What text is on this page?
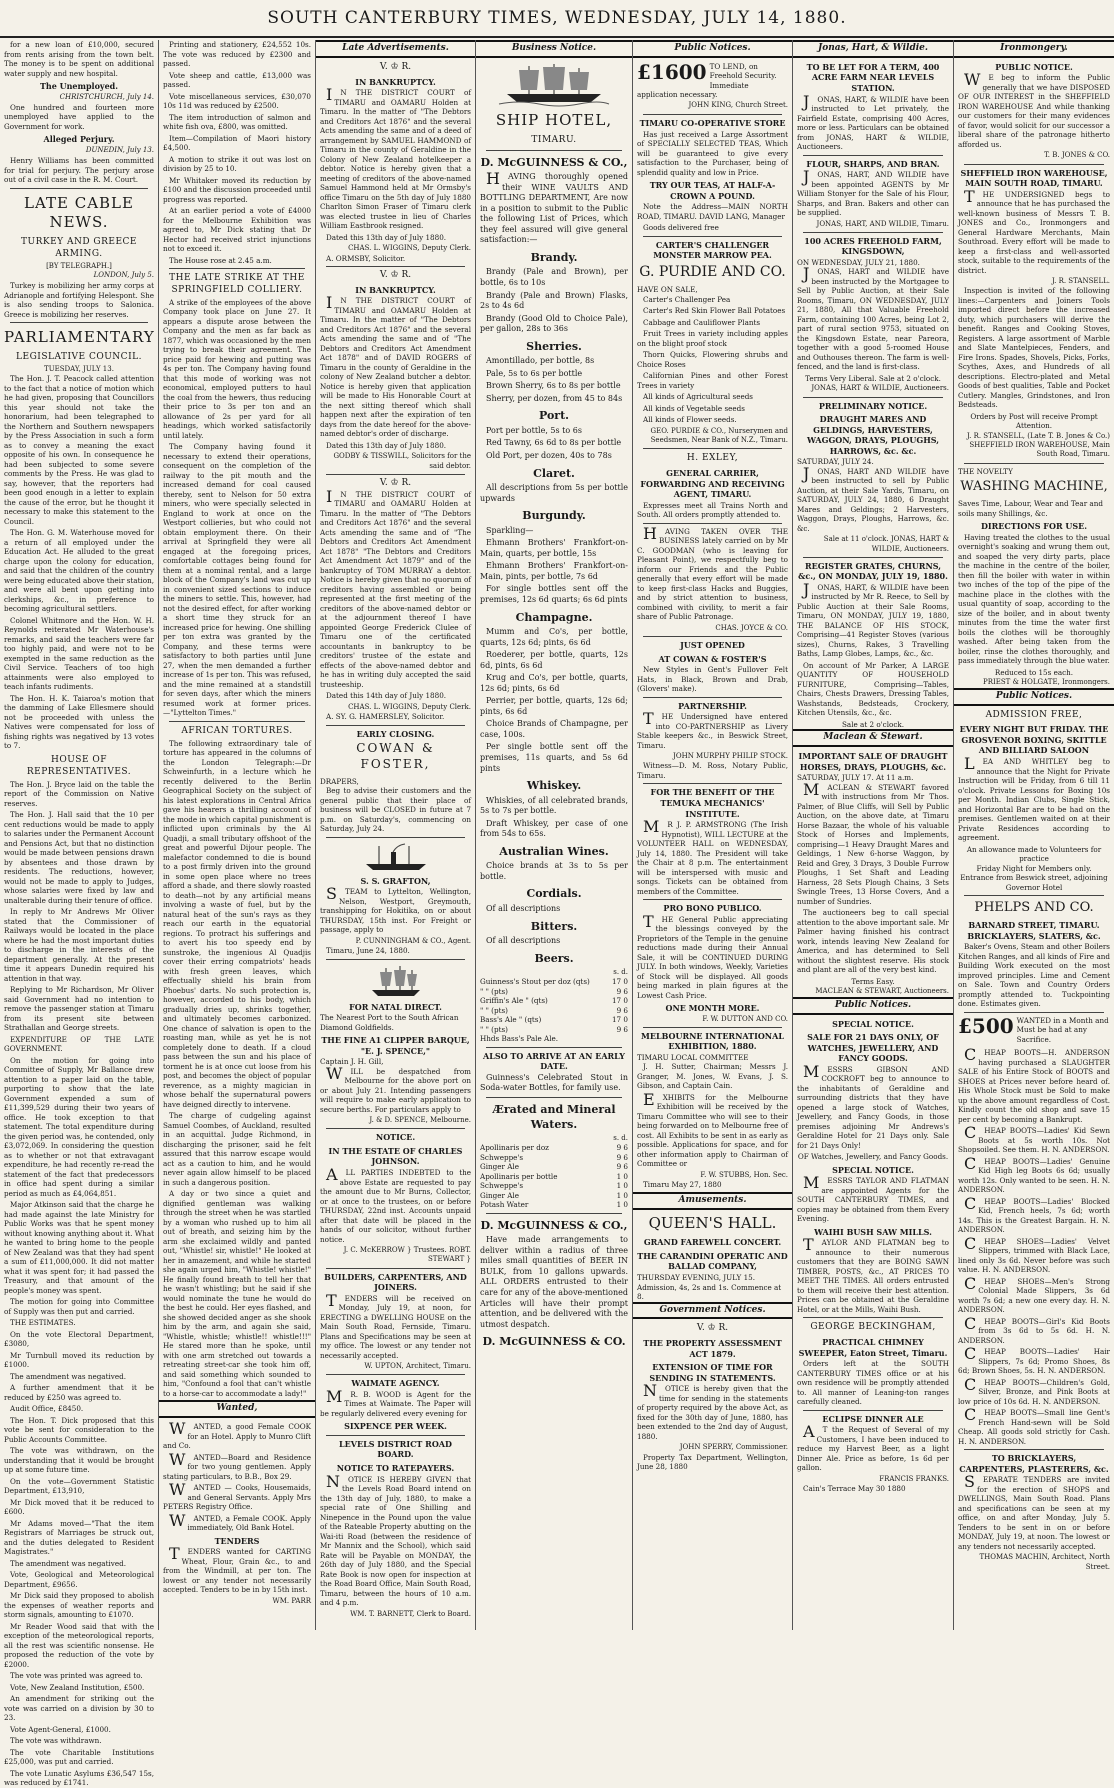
SOUTH CANTERBURY TIMES, WEDNESDAY, JULY 14, 1880.

for a new loan of £10,000, secured from rents arising from the town belt. The money is to be spent on additional water supply and new hospital.

The Unemployed.
CHRISTCHURCH, July 14.

One hundred and fourteen more unemployed have applied to the Government for work.

Alleged Perjury.
DUNEDIN, July 13.

Henry Williams has been committed for trial for perjury. The perjury arose out of a civil case in the R. M. Court.

LATE CABLE NEWS.
TURKEY AND GREECE ARMING.
[BY TELEGRAPH.]
LONDON, July 5.

Turkey is mobilizing her army corps at Adrianople and fortifying Helespont. She is also sending troops to Salonica. Greece is mobilizing her reserves.

PARLIAMENTARY
LEGISLATIVE COUNCIL.
TUESDAY, JULY 13.

The Hon. J. T. Peacock called attention to the fact that a notice of motion which he had given, proposing that Councillors this year should not take the honorarium, had been telegraphed to the Northern and Southern newspapers by the Press Association in such a form as to convey a meaning the exact opposite of his own. In consequence he had been subjected to some severe comments by the Press. He was glad to say, however, that the reporters had been good enough in a letter to explain the cause of the error, but he thought it necessary to make this statement to the Council.

The Hon. G. M. Waterhouse moved for a return of all employed under the Education Act. He alluded to the great charge upon the colony for education, and said that the children of the country were being educated above their station, and were all bent upon getting into clerkships, &c., in preference to becoming agricultural settlers.

Colonel Whitmore and the Hon. W. H. Reynolds reiterated Mr Waterhouse's remarks, and said the teachers were far too highly paid, and were not to be exempted in the same reduction as the Civil Service. Teachers of too high attainments were also employed to teach infants rudiments.

The Hon. H. K. Taiaroa's motion that the damming of Lake Ellesmere should not be proceeded with unless the Natives were compensated for loss of fishing rights was negatived by 13 votes to 7.

HOUSE OF REPRESENTATIVES.

The Hon. J. Bryce laid on the table the report of the Commission on Native reserves.

The Hon. J. Hall said that the 10 per cent reductions would be made to apply to salaries under the Permanent Account and Pensions Act, but that no distinction would be made between pensions drawn by absentees and those drawn by residents. The reductions, however, would not be made to apply to Judges, whose salaries were fixed by law and unalterable during their tenure of office.

In reply to Mr Andrews Mr Oliver stated that the Commissioner of Railways would be located in the place where he had the most important duties to discharge in the interests of the department generally. At the present time it appears Dunedin required his attention in that way.

Replying to Mr Richardson, Mr Oliver said Government had no intention to remove the passenger station at Timaru from its present site between Strathallan and George streets.

EXPENDITURE OF THE LATE GOVERNMENT.

On the motion for going into Committee of Supply, Mr Ballance drew attention to a paper laid on the table, purporting to show that the late Government expended a sum of £11,399,529 during their two years of office. He took exception to that statement. The total expenditure during the given period was, he contended, only £3,072,069. In considering the question as to whether or not that extravagant expenditure, he had recently re-read the statement of the fact that predecessors in office had spent during a similar period as much as £4,064,851.

Major Atkinson said that the charge he had made against the late Ministry for Public Works was that he spent money without knowing anything about it. What he wanted to bring home to the people of New Zealand was that they had spent a sum of £11,000,000. It did not matter what it was spent for; it had passed the Treasury, and that amount of the people's money was spent.

The motion for going into Committee of Supply was then put and carried.

THE ESTIMATES.

On the vote Electoral Department, £3080,

Mr Turnbull moved its reduction by £1000.

The amendment was negatived.

A further amendment that it be reduced by £250 was agreed to.

Audit Office, £8450.

The Hon. T. Dick proposed that this vote be sent for consideration to the Public Accounts Committee.

The vote was withdrawn, on the understanding that it would be brought up at some future time.

On the vote—Government Statistic Department, £13,910,

Mr Dick moved that it be reduced to £600.

Mr Adams moved—"That the item Registrars of Marriages be struck out, and the duties delegated to Resident Magistrates."

The amendment was negatived.

Vote, Geological and Meteorological Department, £9656.

Mr Dick said they proposed to abolish the expenses of weather reports and storm signals, amounting to £1070.

Mr Reader Wood said that with the exception of the meteorological reports, all the rest was scientific nonsense. He proposed the reduction of the vote by £2000.

The vote was printed was agreed to.

Vote, New Zealand Institution, £500.

An amendment for striking out the vote was carried on a division by 30 to 23.

Vote Agent-General, £1000.

The vote was withdrawn.

The vote Charitable Institutions £25,000, was put and carried.

The vote Lunatic Asylums £36,547 15s, was reduced by £1741.

Printing and stationery, £24,552 10s. The vote was reduced by £2300 and passed.

Vote sheep and cattle, £13,000 was passed.

Vote miscellaneous services, £30,070 10s 11d was reduced by £2500.

The item introduction of salmon and white fish ova, £800, was omitted.

Item—Compilation of Maori history £4,500.

A motion to strike it out was lost on division by 25 to 10.

Mr Whitaker moved its reduction by £100 and the discussion proceeded until progress was reported.

At an earlier period a vote of £4000 for the Melbourne Exhibition was agreed to, Mr Dick stating that Dr Hector had received strict injunctions not to exceed it.

The House rose at 2.45 a.m.

THE LATE STRIKE AT THE SPRINGFIELD COLLIERY.

A strike of the employees of the above Company took place on June 27. It appears a dispute arose between the Company and the men as far back as 1877, which was occasioned by the men trying to break their agreement. The price paid for hewing and putting was 4s per ton. The Company having found that this mode of working was not economical, employed putters to haul the coal from the hewers, thus reducing their price to 3s per ton and an allowance of 2s per yard for all headings, which worked satisfactorily until lately.

The Company having found it necessary to extend their operations, consequent on the completion of the railway to the pit mouth and the increased demand for coal caused thereby, sent to Nelson for 50 extra miners, who were specially selected in England to work at once on the Westport collieries, but who could not obtain employment there. On their arrival at Springfield they were all engaged at the foregoing prices, comfortable cottages being found for them at a nominal rental, and a large block of the Company's land was cut up in convenient sized sections to induce the miners to settle. This, however, had not the desired effect, for after working a short time they struck for an increased price for hewing. One shilling per ton extra was granted by the Company, and these terms were satisfactory to both parties until June 27, when the men demanded a further increase of 1s per ton. This was refused, and the mine remained at a standstill for seven days, after which the miners resumed work at former prices.—"Lyttelton Times."

AFRICAN TORTURES.

The following extraordinary tale of torture has appeared in the columns of the London Telegraph:—Dr Schweinfurth, in a lecture which he recently delivered to the Berlin Geographical Society on the subject of his latest explorations in Central Africa gave his hearers a thrilling account of the mode in which capital punishment is inflicted upon criminals by the Al Quadji, a small tributary offshoot of the great and powerful Dijour people. The malefactor condemned to die is bound to a post firmly driven into the ground in some open place where no trees afford a shade, and there slowly roasted to death—not by any artificial means involving a waste of fuel, but by the natural heat of the sun's rays as they reach our earth in the equatorial regions. To protract his sufferings and to avert his too speedy end by sunstroke, the ingenious Al Quadjis cover their erring compatriots' heads with fresh green leaves, which effectually shield his brain from Phoebus' darts. No such protection is, however, accorded to his body, which gradually dries up, shrinks together, and ultimately becomes carbonized. One chance of salvation is open to the roasting man, while as yet he is not completely done to death. If a cloud pass between the sun and his place of torment he is at once cut loose from his post, and becomes the object of popular reverence, as a mighty magician in whose behalf the supernatural powers have deigned directly to intervene.

The charge of cudgeling against Samuel Coombes, of Auckland, resulted in an acquittal. Judge Richmond, in discharging the prisoner, said he felt assured that this narrow escape would act as a caution to him, and he would never again allow himself to be placed in such a dangerous position.

A day or two since a quiet and dignified gentleman was walking through the street when he was startled by a woman who rushed up to him all out of breath, and seizing him by the arm she exclaimed wildly and panted out, "Whistle! sir, whistle!" He looked at her in amazement, and while he started she again urged him, "Whistle! whistle!" He finally found breath to tell her that he wasn't whistling; but he said if she would nominate the tune he would do the best he could. Her eyes flashed, and she showed decided anger as she shook him by the arm, and again she said, "Whistle, whistle; whistle!! whistle!!!" He stared more than he spoke, until with one arm stretched out towards a retreating street-car she took him off, and said something which sounded to him, "Confound a fool that can't whistle to a horse-car to accommodate a lady!"

Wanted,

WANTED, a good Female COOK for an Hotel. Apply to Munro Clift and Co.

WANTED—Board and Residence for two young gentlemen. Apply stating particulars, to B.B., Box 29.

WANTED — Cooks, Housemaids, and General Servants. Apply Mrs PETERS Registry Office.

WANTED, a Female COOK. Apply immediately, Old Bank Hotel.

TENDERS

TENDERS wanted for CARTING Wheat, Flour, Grain &c., to and from the Windmill, at per ton. The lowest or any tender not necessarily accepted. Tenders to be in by 15th inst.

WM. PARR
Late Advertisements.
V. ♔ R.
IN BANKRUPTCY.

IN THE DISTRICT COURT of TIMARU and OAMARU Holden at Timaru. In the matter of "The Debtors and Creditors Act 1876" and the several Acts amending the same and of a deed of arrangement by SAMUEL HAMMOND of Timaru in the county of Geraldine in the Colony of New Zealand hotelkeeper a debtor. Notice is hereby given that a meeting of creditors of the above-named Samuel Hammond held at Mr Ormsby's office Timaru on the 5th day of July 1880 Charlton Simon Fraser of Timaru clerk was elected trustee in lieu of Charles William Eastbrook resigned.

Dated this 13th day of July 1880.
CHAS. L. WIGGINS, Deputy Clerk.
A. ORMSBY, Solicitor.
V. ♔ R.
IN BANKRUPTCY.

IN THE DISTRICT COURT of TIMARU and OAMARU Holden at Timaru. In the matter of "The Debtors and Creditors Act 1876" and the several Acts amending the same and of "The Debtors and Creditors Act Amendment Act 1878" and of DAVID ROGERS of Timaru in the county of Geraldine in the colony of New Zealand butcher a debtor. Notice is hereby given that application will be made to His Honorable Court at the next sitting thereof which shall happen next after the expiration of ten days from the date hereof for the above-named debtor's order of discharge.

Dated this 13th day of July 1880.
GODBY & TISSWILL, Solicitors for the said debtor.
V. ♔ R.

IN THE DISTRICT COURT of TIMARU and OAMARU Holden at Timaru. In the matter of "The Debtors and Creditors Act 1876" and the several Acts amending the same and of "The Debtors and Creditors Act Amendment Act 1878" "The Debtors and Creditors Act Amendment Act 1879" and of the bankruptcy of TOM MURRAY a debtor. Notice is hereby given that no quorum of creditors having assembled or being represented at the first meeting of the creditors of the above-named debtor or at the adjournment thereof I have appointed George Frederick Clulee of Timaru one of the certificated accountants in bankruptcy to be creditors' trustee of the estate and effects of the above-named debtor and he has in writing duly accepted the said trusteeship.

Dated this 14th day of July 1880.
CHAS. L. WIGGINS, Deputy Clerk.
A. SY. G. HAMERSLEY, Solicitor.
EARLY CLOSING.
COWAN & FOSTER,
DRAPERS,

Beg to advise their customers and the general public that their place of business will be CLOSED in future at 7 p.m. on Saturday's, commencing on Saturday, July 24.

S. S. GRAFTON,

STEAM to Lyttelton, Wellington, Nelson, Westport, Greymouth, transhipping for Hokitika, on or about THURSDAY, 15th inst. For Freight or passage, apply to

P. CUNNINGHAM & CO., Agent.
Timaru, June 24, 1880.
FOR NATAL DIRECT.
The Nearest Port to the South African Diamond Goldfields.
THE FINE A1 CLIPPER BARQUE, "E. J. SPENCE,"
Captain J. H. Gill,

WILL be despatched from Melbourne for the above port on or about July 21. Intending passengers will require to make early application to secure berths. For particulars apply to

J. & D. SPENCE, Melbourne.
NOTICE.
IN THE ESTATE OF CHARLES JOHNSON.

ALL PARTIES INDEBTED to the above Estate are requested to pay the amount due to Mr Burns, Collector, or at once to the trustees, on or before THURSDAY, 22nd inst. Accounts unpaid after that date will be placed in the hands of our solicitor, without further notice.

J. C. McKERROW } Trustees. ROBT. STEWART }
BUILDERS, CARPENTERS, AND JOINERS.

TENDERS will be received on Monday, July 19, at noon, for ERECTING a DWELLING HOUSE on the Main South Road, Fernside, Timaru. Plans and Specifications may be seen at my office. The lowest or any tender not necessarily accepted.

W. UPTON, Architect, Timaru.
WAIMATE AGENCY.

MR. B. WOOD is Agent for the Times at Waimate. The Paper will be regularly delivered every evening for

SIXPENCE PER WEEK.
LEVELS DISTRICT ROAD BOARD.
NOTICE TO RATEPAYERS.

NOTICE IS HEREBY GIVEN that the Levels Road Board intend on the 13th day of July, 1880, to make a special rate of One Shilling and Ninepence in the Pound upon the value of the Rateable Property abutting on the Wai-iti Road (between the residence of Mr Mannix and the School), which said Rate will be Payable on MONDAY, the 26th day of July 1880, and the Special Rate Book is now open for inspection at the Road Board Office, Main South Road, Timaru, between the hours of 10 a.m. and 4 p.m.

WM. T. BARNETT, Clerk to Board.
Business Notice.
SHIP HOTEL,
TIMARU.
D. McGUINNESS & CO.,

HAVING thoroughly opened their WINE VAULTS AND BOTTLING DEPARTMENT, Are now in a position to submit to the Public the following List of Prices, which they feel assured will give general satisfaction:—

Brandy.

Brandy (Pale and Brown), per bottle, 6s to 10s

Brandy (Pale and Brown) Flasks, 2s to 4s 6d

Brandy (Good Old to Choice Pale), per gallon, 28s to 36s

Sherries.

Amontillado, per bottle, 8s

Pale, 5s to 6s per bottle

Brown Sherry, 6s to 8s per bottle

Sherry, per dozen, from 45 to 84s

Port.

Port per bottle, 5s to 6s

Red Tawny, 6s 6d to 8s per bottle

Old Port, per dozen, 40s to 78s

Claret.

All descriptions from 5s per bottle upwards

Burgundy.

Sparkling—

Ehmann Brothers' Frankfort-on-Main, quarts, per bottle, 15s

Ehmann Brothers' Frankfort-on-Main, pints, per bottle, 7s 6d

For single bottles sent off the premises, 12s 6d quarts; 6s 6d pints

Champagne.

Mumm and Co's, per bottle, quarts, 12s 6d; pints, 6s 6d

Roederer, per bottle, quarts, 12s 6d, pints, 6s 6d

Krug and Co's, per bottle, quarts, 12s 6d; pints, 6s 6d

Perrier, per bottle, quarts, 12s 6d; pints, 6s 6d

Choice Brands of Champagne, per case, 100s.

Per single bottle sent off the premises, 11s quarts, and 5s 6d pints

Whiskey.

Whiskies, of all celebrated brands, 5s to 7s per bottle.

Draft Whiskey, per case of one from 54s to 65s.

Australian Wines.

Choice brands at 3s to 5s per bottle.

Cordials.

Of all descriptions

Bitters.

Of all descriptions

Beers.
s. d.
Guinness's Stout per doz (qts)	17 0
" " (pts)	9 6
Griffin's Ale " (qts)	17 0
" " (pts)	9 6
Bass's Ale " (qts)	17 0
" " (pts)	9 6
Hhds Bass's Pale Ale.
ALSO TO ARRIVE AT AN EARLY DATE.

Guinness's Celebrated Stout in Soda-water Bottles, for family use.

Ærated and Mineral Waters.
s. d.
Apollinaris per doz	9 6
Schweppe's	9 6
Ginger Ale	9 6
Apollinaris per bottle	1 0
Schweppe's	1 0
Ginger Ale	1 0
Potash Water	1 0
D. McGUINNESS & CO.,

Have made arrangements to deliver within a radius of three miles small quantities of BEER IN BULK, from 10 gallons upwards. ALL ORDERS entrusted to their care for any of the above-mentioned Articles will have their prompt attention, and be delivered with the utmost despatch.

D. McGUINNESS & CO.
Public Notices.
£1600 TO LEND, on Freehold Security. Immediate application necessary.
JOHN KING, Church Street.
TIMARU CO-OPERATIVE STORE

Has just received a Large Assortment of SPECIALLY SELECTED TEAS, Which will be guaranteed to give every satisfaction to the Purchaser, being of splendid quality and low in Price.

TRY OUR TEAS, AT HALF-A-CROWN A POUND.
Note the Address—MAIN NORTH ROAD, TIMARU. DAVID LANG, Manager
Goods delivered free
CARTER'S CHALLENGER MONSTER MARROW PEA.
G. PURDIE AND CO.
HAVE ON SALE,

Carter's Challenger Pea

Carter's Red Skin Flower Ball Potatoes

Cabbage and Cauliflower Plants

Fruit Trees in variety including apples on the blight proof stock

Thorn Quicks, Flowering shrubs and Choice Roses

Californian Pines and other Forest Trees in variety

All kinds of Agricultural seeds

All kinds of Vegetable seeds

All kinds of Flower seeds.

GEO. PURDIE & CO., Nurserymen and Seedsmen, Near Bank of N.Z., Timaru.
H. EXLEY,
GENERAL CARRIER, FORWARDING AND RECEIVING AGENT, TIMARU.

Expresses meet all Trains North and South. All orders promptly attended to.

HAVING TAKEN OVER THE BUSINESS lately carried on by Mr C. GOODMAN (who is leaving for Pleasant Point), we respectfully beg to inform our Friends and the Public generally that every effort will be made to keep first-class Hacks and Buggies, and by strict attention to business, combined with civility, to merit a fair share of Public Patronage.

CHAS. JOYCE & CO.
JUST OPENED
AT COWAN & FOSTER'S

New Styles in Gent's Fullover Felt Hats, in Black, Brown and Drab, (Glovers' make).

PARTNERSHIP.

THE Undersigned have entered into CO-PARTNERSHIP as Livery Stable keepers &c., in Beswick Street, Timaru.

JOHN MURPHY PHILIP STOCK.
Witness—D. M. Ross, Notary Public, Timaru.
FOR THE BENEFIT OF THE TEMUKA MECHANICS' INSTITUTE.

MR J. P. ARMSTRONG (The Irish Hypnotist), WILL LECTURE at the VOLUNTEER HALL on WEDNESDAY, July 14, 1880. The President will take the Chair at 8 p.m. The entertainment will be interspersed with music and songs. Tickets can be obtained from members of the Committee.

PRO BONO PUBLICO.

THE General Public appreciating the blessings conveyed by the Proprietors of the Temple in the genuine reductions made during their Annual Sale, it will be CONTINUED DURING JULY. In both windows, Weekly, Varieties of Stock will be displayed. All goods being marked in plain figures at the Lowest Cash Price.

ONE MONTH MORE.
F. W. DUTTON AND CO.
MELBOURNE INTERNATIONAL EXHIBITION, 1880.
TIMARU LOCAL COMMITTEE
J. H. Sutter, Chairman; Messrs J. Granger, M. Jones, W. Evans, J. S. Gibson, and Captain Cain.

EXHIBITS for the Melbourne Exhibition will be received by the Timaru Committee who will see to their being forwarded on to Melbourne free of cost. All Exhibits to be sent in as early as possible. Applications for space, and for other information apply to Chairman of Committee or

F. W. STUBBS, Hon. Sec.
Timaru May 27, 1880
Amusements.
QUEEN'S HALL.
GRAND FAREWELL CONCERT.
THE CARANDINI OPERATIC AND BALLAD COMPANY,
THURSDAY EVENING, JULY 15.
Admission, 4s, 2s and 1s. Commence at 8.
Government Notices.
V. ♔ R.
THE PROPERTY ASSESSMENT ACT 1879.
EXTENSION OF TIME FOR SENDING IN STATEMENTS.

NOTICE is hereby given that the time for sending in the statements of property required by the above Act, as fixed for the 30th day of June, 1880, has been extended to the 2nd day of August, 1880.

JOHN SPERRY, Commissioner.
Property Tax Department, Wellington, June 28, 1880
Jonas, Hart, & Wildie.
TO BE LET FOR A TERM, 400 ACRE FARM NEAR LEVELS STATION.

JONAS, HART, & WILDIE have been instructed to Let privately, the Fairfield Estate, comprising 400 Acres, more or less. Particulars can be obtained from JONAS, HART & WILDIE, Auctioneers.

FLOUR, SHARPS, AND BRAN.

JONAS, HART, AND WILDIE have been appointed AGENTS by Mr William Stonyer for the Sale of his Flour, Sharps, and Bran. Bakers and other can be supplied.

JONAS, HART, AND WILDIE, Timaru.
100 ACRES FREEHOLD FARM, KINGSDOWN,
ON WEDNESDAY, JULY 21, 1880.

JONAS, HART and WILDIE have been instructed by the Mortgagee to Sell by Public Auction, at their Sale Rooms, Timaru, ON WEDNESDAY, JULY 21, 1880, All that Valuable Freehold Farm, containing 100 Acres, being Lot 2, part of rural section 9753, situated on the Kingsdown Estate, near Pareora, together with a good 5-roomed House and Outhouses thereon. The farm is well-fenced, and the land is first-class.

Terms Very Liberal. Sale at 2 o'clock.
JONAS, HART & WILDIE, Auctioneers.
PRELIMINARY NOTICE.
DRAUGHT MARES AND GELDINGS, HARVESTERS, WAGGON, DRAYS, PLOUGHS, HARROWS, &c. &c.
SATURDAY, JULY 24.

JONAS, HART AND WILDIE have been instructed to sell by Public Auction, at their Sale Yards, Timaru, on SATURDAY, JULY 24, 1880, 6 Draught Mares and Geldings; 2 Harvesters, Waggon, Drays, Ploughs, Harrows, &c. &c.

Sale at 11 o'clock. JONAS, HART & WILDIE, Auctioneers.
REGISTER GRATES, CHURNS, &c., ON MONDAY, JULY 19, 1880.

JONAS, HART, & WILDIE have been instructed by Mr R. Reece, to Sell by Public Auction at their Sale Rooms, Timaru, ON MONDAY, JULY 19, 1880, THE BALANCE OF HIS STOCK, Comprising—41 Register Stoves (various sizes), Churns, Rakes, 3 Travelling Baths, Lamp Globes, Lamps, &c., &c.

On account of Mr Parker, A LARGE QUANTITY OF HOUSEHOLD FURNITURE, Comprising—Tables, Chairs, Chests Drawers, Dressing Tables, Washstands, Bedsteads, Crockery, Kitchen Utensils, &c., &c.

Sale at 2 o'clock.
Maclean & Stewart.
IMPORTANT SALE OF DRAUGHT HORSES, DRAYS, PLOUGHS, &c.
SATURDAY, JULY 17. At 11 a.m.

MACLEAN & STEWART favored with instructions from Mr Thos. Palmer, of Blue Cliffs, will Sell by Public Auction, on the above date, at Timaru Horse Bazaar, the whole of his valuable Stock of Horses and Implements, comprising—1 Heavy Draught Mares and Geldings, 1 New 6-horse Waggon, by Reid and Grey, 3 Drays, 3 Double Furrow Ploughs, 1 Set Shaft and Leading Harness, 28 Sets Plough Chains, 3 Sets Swingle Trees, 13 Horse Covers, And a number of Sundries.

The auctioneers beg to call special attention to the above important sale. Mr Palmer having finished his contract work, intends leaving New Zealand for America, and has determined to Sell without the slightest reserve. His stock and plant are all of the very best kind.

Terms Easy.
MACLEAN & STEWART, Auctioneers.
Public Notices.
SPECIAL NOTICE.
SALE FOR 21 DAYS ONLY, OF WATCHES, JEWELLERY, AND FANCY GOODS.

MESSRS GIBSON AND COCKROFT beg to announce to the inhabitants of Geraldine and surrounding districts that they have opened a large stock of Watches, Jewellery, and Fancy Goods, in those premises adjoining Mr Andrews's Geraldine Hotel for 21 Days only. Sale for 21 Days Only!

OF Watches, Jewellery, and Fancy Goods.
SPECIAL NOTICE.

MESSRS TAYLOR AND FLATMAN are appointed Agents for the SOUTH CANTERBURY TIMES, and copies may be obtained from them Every Evening.

WAIHI BUSH SAW MILLS.

TAYLOR AND FLATMAN beg to announce to their numerous customers that they are BOING SAWN TIMBER, POSTS, &c., AT PRICES TO MEET THE TIMES. All orders entrusted to them will receive their best attention. Prices can be obtained at the Geraldine Hotel, or at the Mills, Waihi Bush.

GEORGE BECKINGHAM,
PRACTICAL CHIMNEY SWEEPER, Eaton Street, Timaru.

Orders left at the SOUTH CANTERBURY TIMES office or at his own residence will be promptly attended to. All manner of Leaning-ton ranges carefully cleaned.

ECLIPSE DINNER ALE

AT the Request of Several of my Customers, I have been induced to reduce my Harvest Beer, as a light Dinner Ale. Price as before, 1s 6d per gallon.

FRANCIS FRANKS.
Cain's Terrace May 30 1880
Ironmongery.
PUBLIC NOTICE.

WE beg to inform the Public generally that we have DISPOSED OF OUR INTEREST in the SHEFFIELD IRON WAREHOUSE And while thanking our customers for their many evidences of favor, would solicit for our successor a liberal share of the patronage hitherto afforded us.

T. B. JONES & CO.
SHEFFIELD IRON WAREHOUSE, MAIN SOUTH ROAD, TIMARU.

THE UNDERSIGNED begs to announce that he has purchased the well-known business of Messrs T. B. JONES and Co., Ironmongers and General Hardware Merchants, Main Southroad. Every effort will be made to keep a first-class and well-assorted stock, suitable to the requirements of the district.

J. R. STANSELL.

Inspection is invited of the following lines:—Carpenters and Joiners Tools imported direct before the increased duty, which purchasers will derive the benefit. Ranges and Cooking Stoves, Registers. A large assortment of Marble and Slate Mantelpieces, Fenders, and Fire Irons. Spades, Shovels, Picks, Forks, Scythes, Axes, and Hundreds of all descriptions. Electro-plated and Metal Goods of best qualities, Table and Pocket Cutlery. Mangles, Grindstones, and Iron Bedsteads.

Orders by Post will receive Prompt Attention.
J. R. STANSELL, (Late T. B. Jones & Co.) SHEFFIELD IRON WAREHOUSE, Main South Road, Timaru.
THE NOVELTY
WASHING MACHINE,
Saves Time, Labour, Wear and Tear and soils many Shillings, &c.
DIRECTIONS FOR USE.

Having treated the clothes to the usual overnight's soaking and wrung them out, and soaped the very dirty parts, place the machine in the centre of the boiler, then fill the boiler with water in within two inches of the top of the pipe of the machine place in the clothes with the usual quantity of soap, according to the size of the boiler, and in about twenty minutes from the time the water first boils the clothes will be thoroughly washed. After being taken from the boiler, rinse the clothes thoroughly, and pass immediately through the blue water.

Reduced to 15s each.
PRIEST & HOLGATE, Ironmongers.
Public Notices.
ADMISSION FREE,
EVERY NIGHT BUT FRIDAY. THE GROSVENOR BOXING, SKITTLE AND BILLIARD SALOON

LEA AND WHITLEY beg to announce that the Night for Private Instruction will be Friday, from 6 till 11 o'clock. Private Lessons for Boxing 10s per Month. Indian Clubs, Single Stick, and Horizontal Bar are to be had on the premises. Gentlemen waited on at their Private Residences according to agreement.

An allowance made to Volunteers for practice
Friday Night for Members only.
Entrance from Beswick street, adjoining Governor Hotel
PHELPS AND CO.
BARNARD STREET, TIMARU. BRICKLAYERS, SLATERS, &c.

Baker's Ovens, Steam and other Boilers Kitchen Ranges, and all kinds of Fire and Building Work executed on the most improved principles. Lime and Cement on Sale. Town and Country Orders promptly attended to. Tuckpointing done. Estimates given.

£500 WANTED in a Month and Must be had at any Sacrifice.

CHEAP BOOTS—H. ANDERSON having purchased a SLAUGHTER SALE of his Entire Stock of BOOTS and SHOES at Prices never before heard of. His Whole Stock must be Sold to make up the above amount regardless of Cost. Kindly count the old shop and save 15 per cent by becoming a Bankrupt.

CHEAP BOOTS—Ladies' Kid Sewn Boots at 5s worth 10s. Not Shopsoiled. See them. H. N. ANDERSON.

CHEAP BOOTS—Ladies' Genuine Kid High leg Boots 6s 6d; usually worth 12s. Only wanted to be seen. H. N. ANDERSON.

CHEAP BOOTS—Ladies' Blocked Kid, French heels, 7s 6d; worth 14s. This is the Greatest Bargain. H. N. ANDERSON.

CHEAP SHOES—Ladies' Velvet Slippers, trimmed with Black Lace, lined only 3s 6d. Never before was such value. H. N. ANDERSON.

CHEAP SHOES—Men's Strong Colonial Made Slippers, 3s 6d worth 7s 6d; a new one every day. H. N. ANDERSON.

CHEAP BOOTS—Girl's Kid Boots from 3s 6d to 5s 6d. H. N. ANDERSON.

CHEAP BOOTS—Ladies' Hair Slippers, 7s 6d; Promo Shoes, 8s 6d; Brown Shoes, 5s. H. N. ANDERSON.

CHEAP BOOTS—Children's Gold, Silver, Bronze, and Pink Boots at low price of 10s 6d. H. N. ANDERSON.

CHEAP BOOTS—Small line Gent's French Hand-sewn will be Sold Cheap. All goods sold strictly for Cash. H. N. ANDERSON.

TO BRICKLAYERS, CARPENTERS, PLASTERERS, &c.

SEPARATE TENDERS are invited for the erection of SHOPS and DWELLINGS, Main South Road. Plans and specifications can be seen at my office, on and after Monday, July 5. Tenders to be sent in on or before MONDAY, July 19, at noon. The lowest or any tenders not necessarily accepted.

THOMAS MACHIN, Architect, North Street.
